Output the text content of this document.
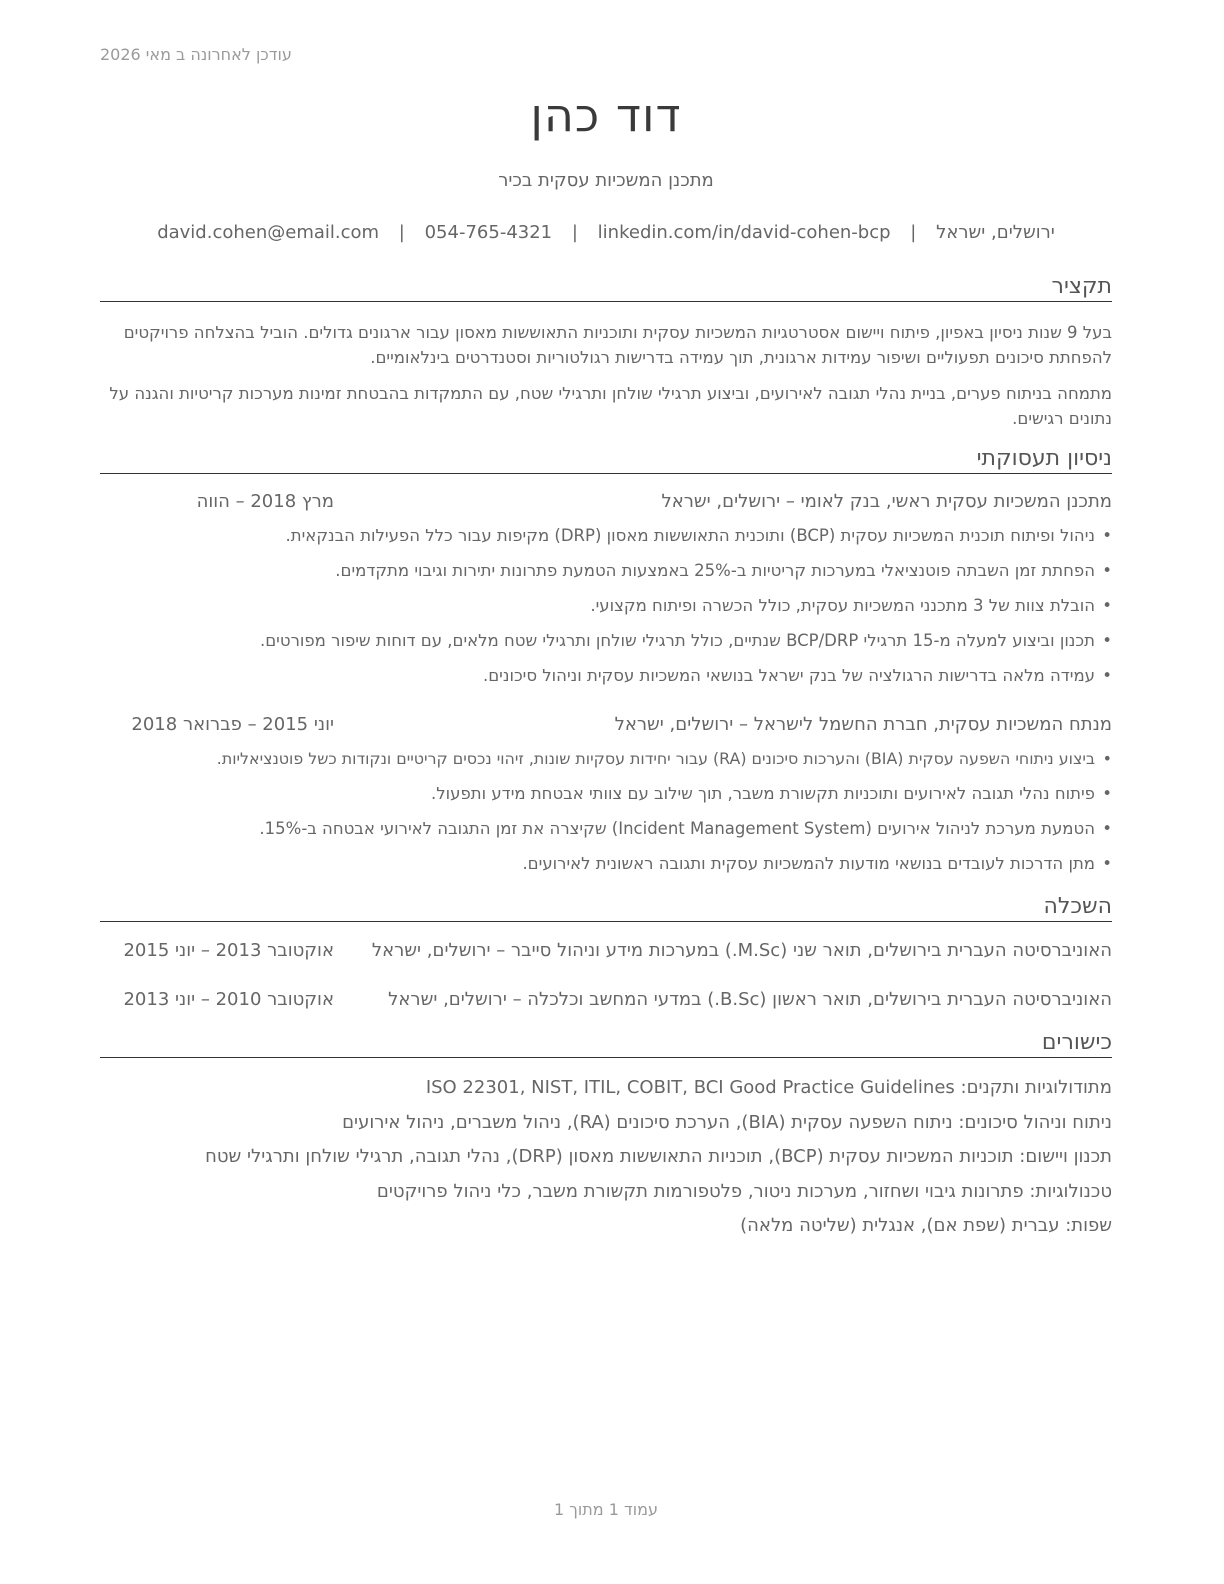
עודכן לאחרונה ב מאי 2026
דוד כהן
מתכנן המשכיות עסקית בכיר
ירושלים, ישראל | david.cohen@email.com | 054-765-4321 | linkedin.com/in/david-cohen-bcp
תקציר
בעל 9 שנות ניסיון באפיון, פיתוח ויישום אסטרטגיות המשכיות עסקית ותוכניות התאוששות מאסון עבור ארגונים גדולים. הוביל בהצלחה פרויקטים להפחתת סיכונים תפעוליים ושיפור עמידות ארגונית, תוך עמידה בדרישות רגולטוריות וסטנדרטים בינלאומיים.
מתמחה בניתוח פערים, בניית נהלי תגובה לאירועים, וביצוע תרגילי שולחן ותרגילי שטח, עם התמקדות בהבטחת זמינות מערכות קריטיות והגנה על נתונים רגישים.
ניסיון תעסוקתי
מתכנן המשכיות עסקית ראשי, בנק לאומי – ירושלים, ישראל
מרץ 2018 – הווה
•
ניהול ופיתוח תוכנית המשכיות עסקית (BCP) ותוכנית התאוששות מאסון (DRP) מקיפות עבור כלל הפעילות הבנקאית.
•
הפחתת זמן השבתה פוטנציאלי במערכות קריטיות ב-25% באמצעות הטמעת פתרונות יתירות וגיבוי מתקדמים.
•
הובלת צוות של 3 מתכנני המשכיות עסקית, כולל הכשרה ופיתוח מקצועי.
•
תכנון וביצוע למעלה מ-15 תרגילי BCP/DRP שנתיים, כולל תרגילי שולחן ותרגילי שטח מלאים, עם דוחות שיפור מפורטים.
•
עמידה מלאה בדרישות הרגולציה של בנק ישראל בנושאי המשכיות עסקית וניהול סיכונים.
מנתח המשכיות עסקית, חברת החשמל לישראל – ירושלים, ישראל
יוני 2015 – פברואר 2018
•
ביצוע ניתוחי השפעה עסקית (BIA) והערכות סיכונים (RA) עבור יחידות עסקיות שונות, זיהוי נכסים קריטיים ונקודות כשל פוטנציאליות.
•
פיתוח נהלי תגובה לאירועים ותוכניות תקשורת משבר, תוך שילוב עם צוותי אבטחת מידע ותפעול.
•
הטמעת מערכת לניהול אירועים (Incident Management System) שקיצרה את זמן התגובה לאירועי אבטחה ב-15%.
•
מתן הדרכות לעובדים בנושאי מודעות להמשכיות עסקית ותגובה ראשונית לאירועים.
השכלה
האוניברסיטה העברית בירושלים, תואר שני (M.Sc.) במערכות מידע וניהול סייבר – ירושלים, ישראל
אוקטובר 2013 – יוני 2015
האוניברסיטה העברית בירושלים, תואר ראשון (B.Sc.) במדעי המחשב וכלכלה – ירושלים, ישראל
אוקטובר 2010 – יוני 2013
כישורים
מתודולוגיות ותקנים: ISO 22301, NIST, ITIL, COBIT, BCI Good Practice Guidelines
ניתוח וניהול סיכונים: ניתוח השפעה עסקית (BIA), הערכת סיכונים (RA), ניהול משברים, ניהול אירועים
תכנון ויישום: תוכניות המשכיות עסקית (BCP), תוכניות התאוששות מאסון (DRP), נהלי תגובה, תרגילי שולחן ותרגילי שטח
טכנולוגיות: פתרונות גיבוי ושחזור, מערכות ניטור, פלטפורמות תקשורת משבר, כלי ניהול פרויקטים
שפות: עברית (שפת אם), אנגלית (שליטה מלאה)
עמוד 1 מתוך 1
